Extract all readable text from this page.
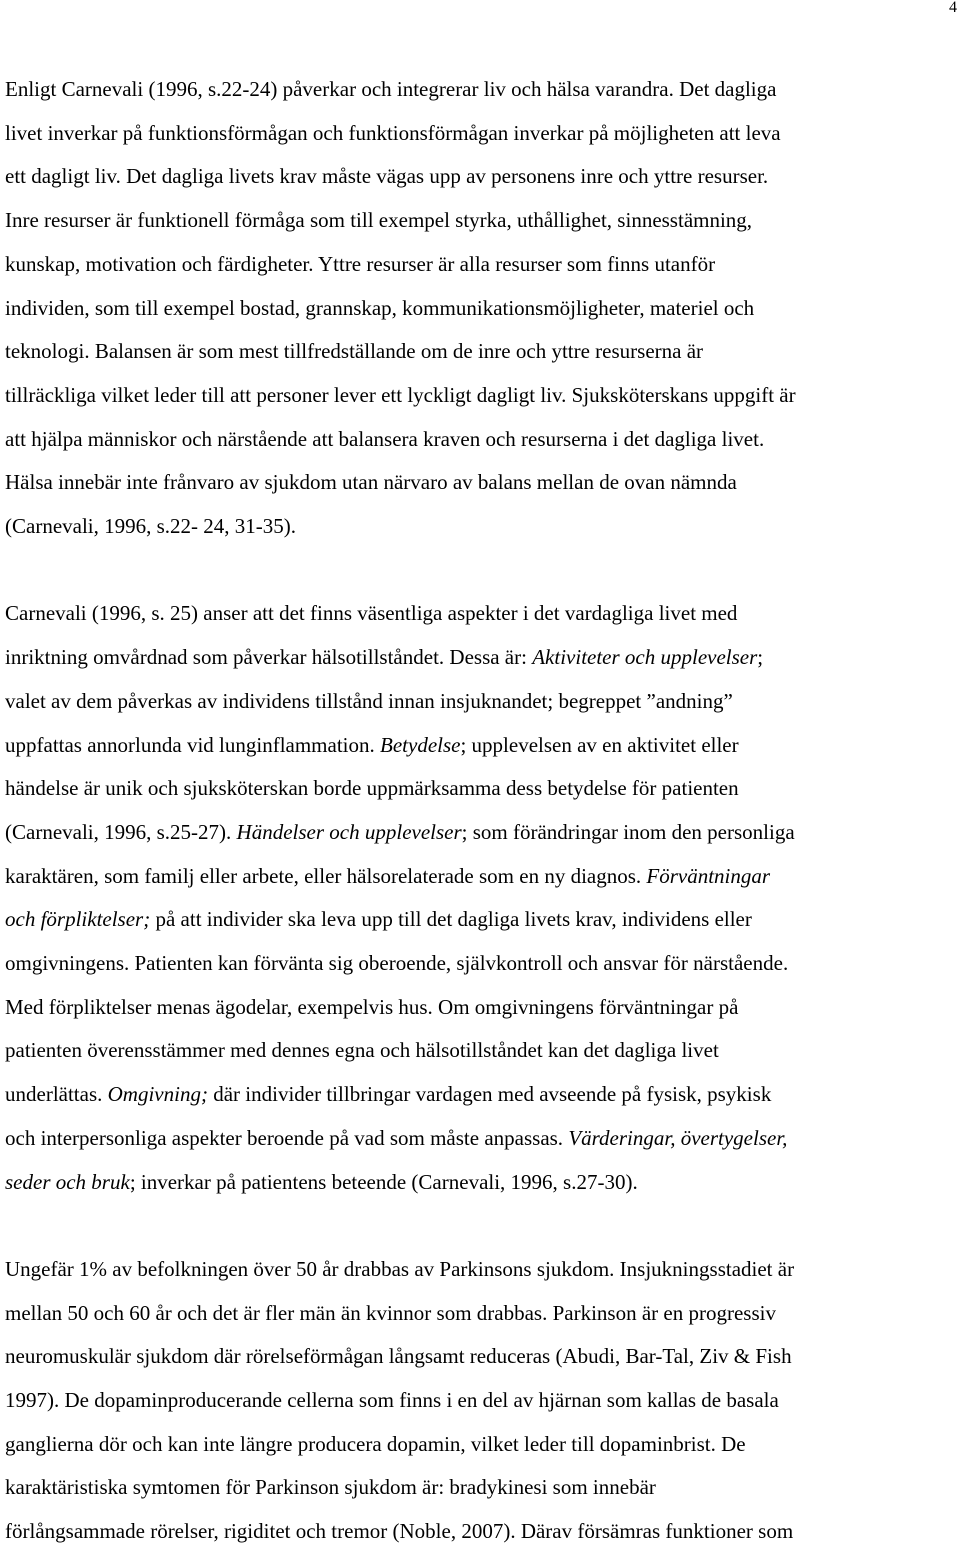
4

Enligt Carnevali (1996, s.22-24) påverkar och integrerar liv och hälsa varandra. Det dagliga
livet inverkar på funktionsförmågan och funktionsförmågan inverkar på möjligheten att leva
ett dagligt liv. Det dagliga livets krav måste vägas upp av personens inre och yttre resurser.
Inre resurser är funktionell förmåga som till exempel styrka, uthållighet, sinnesstämning,
kunskap, motivation och färdigheter. Yttre resurser är alla resurser som finns utanför
individen, som till exempel bostad, grannskap, kommunikationsmöjligheter, materiel och
teknologi. Balansen är som mest tillfredställande om de inre och yttre resurserna är
tillräckliga vilket leder till att personer lever ett lyckligt dagligt liv. Sjuksköterskans uppgift är
att hjälpa människor och närstående att balansera kraven och resurserna i det dagliga livet.
Hälsa innebär inte frånvaro av sjukdom utan närvaro av balans mellan de ovan nämnda
(Carnevali, 1996, s.22- 24, 31-35).

Carnevali (1996, s. 25) anser att det finns väsentliga aspekter i det vardagliga livet med
inriktning omvårdnad som påverkar hälsotillståndet. Dessa är: Aktiviteter och upplevelser;
valet av dem påverkas av individens tillstånd innan insjuknandet; begreppet ”andning”
uppfattas annorlunda vid lunginflammation. Betydelse; upplevelsen av en aktivitet eller
händelse är unik och sjuksköterskan borde uppmärksamma dess betydelse för patienten
(Carnevali, 1996, s.25-27). Händelser och upplevelser; som förändringar inom den personliga
karaktären, som familj eller arbete, eller hälsorelaterade som en ny diagnos. Förväntningar
och förpliktelser; på att individer ska leva upp till det dagliga livets krav, individens eller
omgivningens. Patienten kan förvänta sig oberoende, självkontroll och ansvar för närstående.
Med förpliktelser menas ägodelar, exempelvis hus. Om omgivningens förväntningar på
patienten överensstämmer med dennes egna och hälsotillståndet kan det dagliga livet
underlättas. Omgivning; där individer tillbringar vardagen med avseende på fysisk, psykisk
och interpersonliga aspekter beroende på vad som måste anpassas. Värderingar, övertygelser,
seder och bruk; inverkar på patientens beteende (Carnevali, 1996, s.27-30).

Ungefär 1% av befolkningen över 50 år drabbas av Parkinsons sjukdom. Insjukningsstadiet är
mellan 50 och 60 år och det är fler män än kvinnor som drabbas. Parkinson är en progressiv
neuromuskulär sjukdom där rörelseförmågan långsamt reduceras (Abudi, Bar-Tal, Ziv & Fish
1997). De dopaminproducerande cellerna som finns i en del av hjärnan som kallas de basala
ganglierna dör och kan inte längre producera dopamin, vilket leder till dopaminbrist. De
karaktäristiska symtomen för Parkinson sjukdom är: bradykinesi som innebär
förlångsammade rörelser, rigiditet och tremor (Noble, 2007). Därav försämras funktioner som
